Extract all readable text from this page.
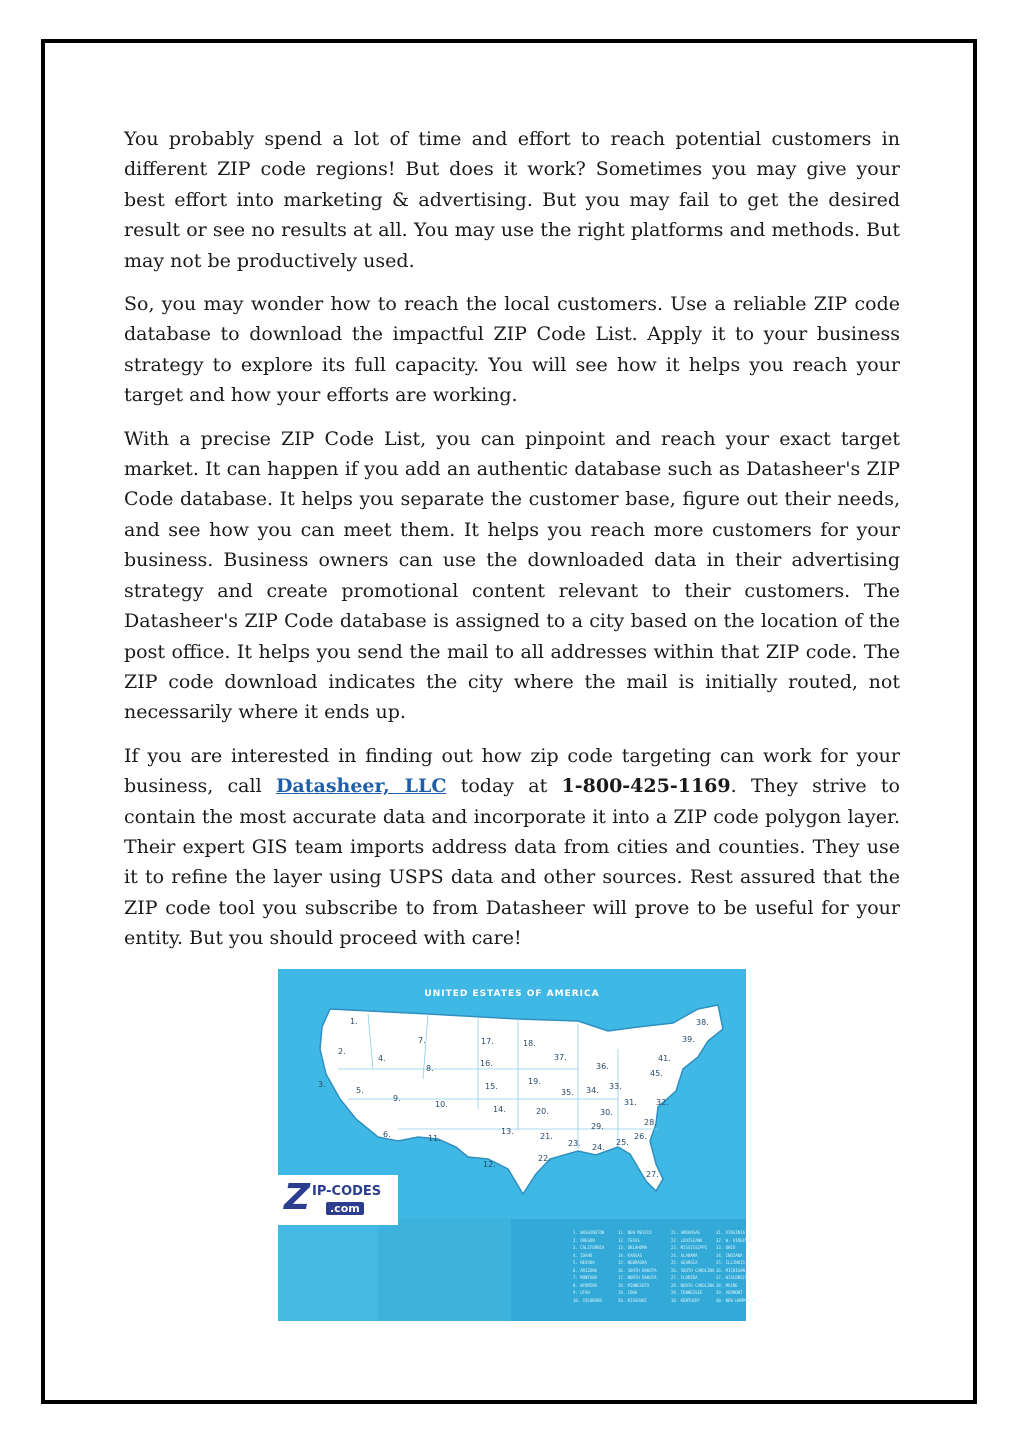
You probably spend a lot of time and effort to reach potential customers in different ZIP code regions! But does it work? Sometimes you may give your best effort into marketing & advertising. But you may fail to get the desired result or see no results at all. You may use the right platforms and methods. But may not be productively used.

So, you may wonder how to reach the local customers. Use a reliable ZIP code database to download the impactful ZIP Code List. Apply it to your business strategy to explore its full capacity. You will see how it helps you reach your target and how your efforts are working.

With a precise ZIP Code List, you can pinpoint and reach your exact target market. It can happen if you add an authentic database such as Datasheer's ZIP Code database. It helps you separate the customer base, figure out their needs, and see how you can meet them. It helps you reach more customers for your business. Business owners can use the downloaded data in their advertising strategy and create promotional content relevant to their customers. The Datasheer's ZIP Code database is assigned to a city based on the location of the post office. It helps you send the mail to all addresses within that ZIP code. The ZIP code download indicates the city where the mail is initially routed, not necessarily where it ends up.

If you are interested in finding out how zip code targeting can work for your business, call Datasheer, LLC today at 1-800-425-1169. They strive to contain the most accurate data and incorporate it into a ZIP code polygon layer. Their expert GIS team imports address data from cities and counties. They use it to refine the layer using USPS data and other sources. Rest assured that the ZIP code tool you subscribe to from Datasheer will prove to be useful for your entity. But you should proceed with care!

1.
2.
3.
4.
5.
6.
7.
8.
9.
10.
11.
12.
13.
14.
15.
16.
17.	18.
19.
20.
21.
22.
23. 24.
25.
26.
27.
28.
29.
30.
31. 32.
33.
34.
35.
36.
37.
38.
39.
41.
45.
UNITED ESTATES OF AMERICA
1. WASHINGTON
2. OREGON
3. CALIFORNIA
4. IDAHO
5. NEVADA
6. ARIZONA
7. MONTANA
8. WYOMING
9. UTAH
10. COLORADO
11. NEW MEXICO
12. TEXAS
13. OKLAHOMA
14. KANSAS
15. NEBRASKA
16. SOUTH DAKOTA
17. NORTH DAKOTA
18. MINNESOTA
19. IOWA
20. MISSOURI
21. ARKANSAS
22. LOUISIANA
23. MISSISSIPPI
24. ALABAMA
25. GEORGIA
26. SOUTH CAROLINA
27. FLORIDA
28. NORTH CAROLINA
29. TENNESSEE
30. KENTUCKY
31. VIRGINIA
32. W. VIRGINIA
33. OHIO
34. INDIANA
35. ILLINOIS
36. MICHIGAN
37. WISCONSIN
38. MAINE
39. VERMONT
40. NEW HAMPSHIRE
Z IP-CODES
.com
